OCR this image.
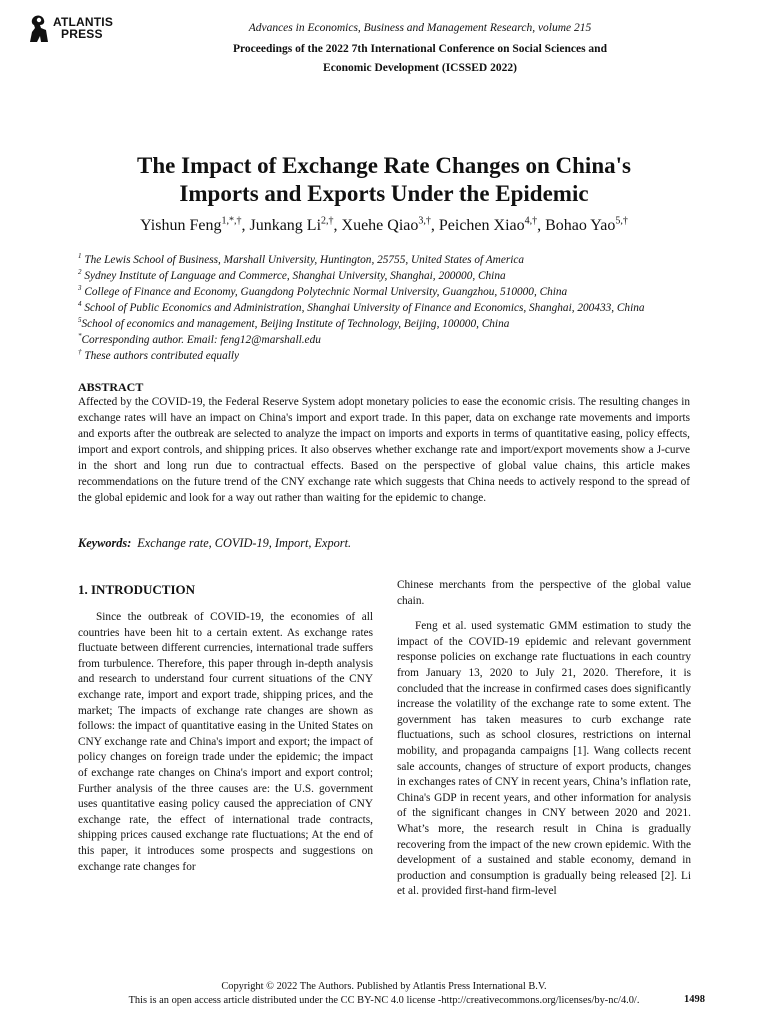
ATLANTIS
PRESS	Advances in Economics, Business and Management Research, volume 215
Proceedings of the 2022 7th International Conference on Social Sciences and
Economic Development (ICSSED 2022)
The Impact of Exchange Rate Changes on China's
Imports and Exports Under the Epidemic
Yishun Feng$^{1,*,\dagger}$, Junkang $Li^{2,\dagger}$, Xuehe Qiao$^{3,\dagger}$, Peichen Xiao$^{4,\dagger}$, Bohao Yao$^{5,\dagger}$
$^1$ The Lewis School of Business, Marshall University, Huntington, 25755, United States of America
$^2$ Sydney Institute of Language and Commerce, Shanghai University, Shanghai, 200000, China
$^3$ College of Finance and Economy, Guangdong Polytechnic Normal University, Guangzhou, 510000, China
$^4$ School of Public Economics and Administration, Shanghai University of Finance and Economics, Shanghai, 200433, China
$^5$School of economics and management, Beijing Institute of Technology, Beijing, 100000, China
*Corresponding author. Email: feng12@marshall.edu
† These authors contributed equally
ABSTRACT
Affected by the COVID-19, the Federal Reserve System adopt monetary policies to ease the economic crisis. The resulting changes in exchange rates will have an impact on China's import and export trade. In this paper, data on exchange rate movements and imports and exports after the outbreak are selected to analyze the impact on imports and exports in terms of quantitative easing, policy effects, import and export controls, and shipping prices. It also observes whether exchange rate and import/export movements show a J-curve in the short and long run due to contractual effects. Based on the perspective of global value chains, this article makes recommendations on the future trend of the CNY exchange rate which suggests that China needs to actively respond to the spread of the global epidemic and look for a way out rather than waiting for the epidemic to change.
Keywords: Exchange rate, COVID-19, Import, Export.
1. INTRODUCTION

Since the outbreak of COVID-19, the economies of all countries have been hit to a certain extent. As exchange rates fluctuate between different currencies, international trade suffers from turbulence. Therefore, this paper through in-depth analysis and research to understand four current situations of the CNY exchange rate, import and export trade, shipping prices, and the market; The impacts of exchange rate changes are shown as follows: the impact of quantitative easing in the United States on CNY exchange rate and China's import and export; the impact of policy changes on foreign trade under the epidemic; the impact of exchange rate changes on China's import and export control; Further analysis of the three causes are: the U.S. government uses quantitative easing policy caused the appreciation of CNY exchange rate, the effect of international trade contracts, shipping prices caused exchange rate fluctuations; At the end of this paper, it introduces some prospects and suggestions on exchange rate changes for

Chinese merchants from the perspective of the global value chain.

Feng et al. used systematic GMM estimation to study the impact of the COVID-19 epidemic and relevant government response policies on exchange rate fluctuations in each country from January 13, 2020 to July 21, 2020. Therefore, it is concluded that the increase in confirmed cases does significantly increase the volatility of the exchange rate to some extent. The government has taken measures to curb exchange rate fluctuations, such as school closures, restrictions on internal mobility, and propaganda campaigns [1]. Wang collects recent sale accounts, changes of structure of export products, changes in exchanges rates of CNY in recent years, China’s inflation rate, China's GDP in recent years, and other information for analysis of the significant changes in CNY between 2020 and 2021. What’s more, the research result in China is gradually recovering from the impact of the new crown epidemic. With the development of a sustained and stable economy, demand in production and consumption is gradually being released [2]. Li et al. provided first-hand firm-level

Copyright © 2022 The Authors. Published by Atlantis Press International B.V.
This is an open access article distributed under the CC BY-NC 4.0 license -http://creativecommons.org/licenses/by-nc/4.0/.	1498
